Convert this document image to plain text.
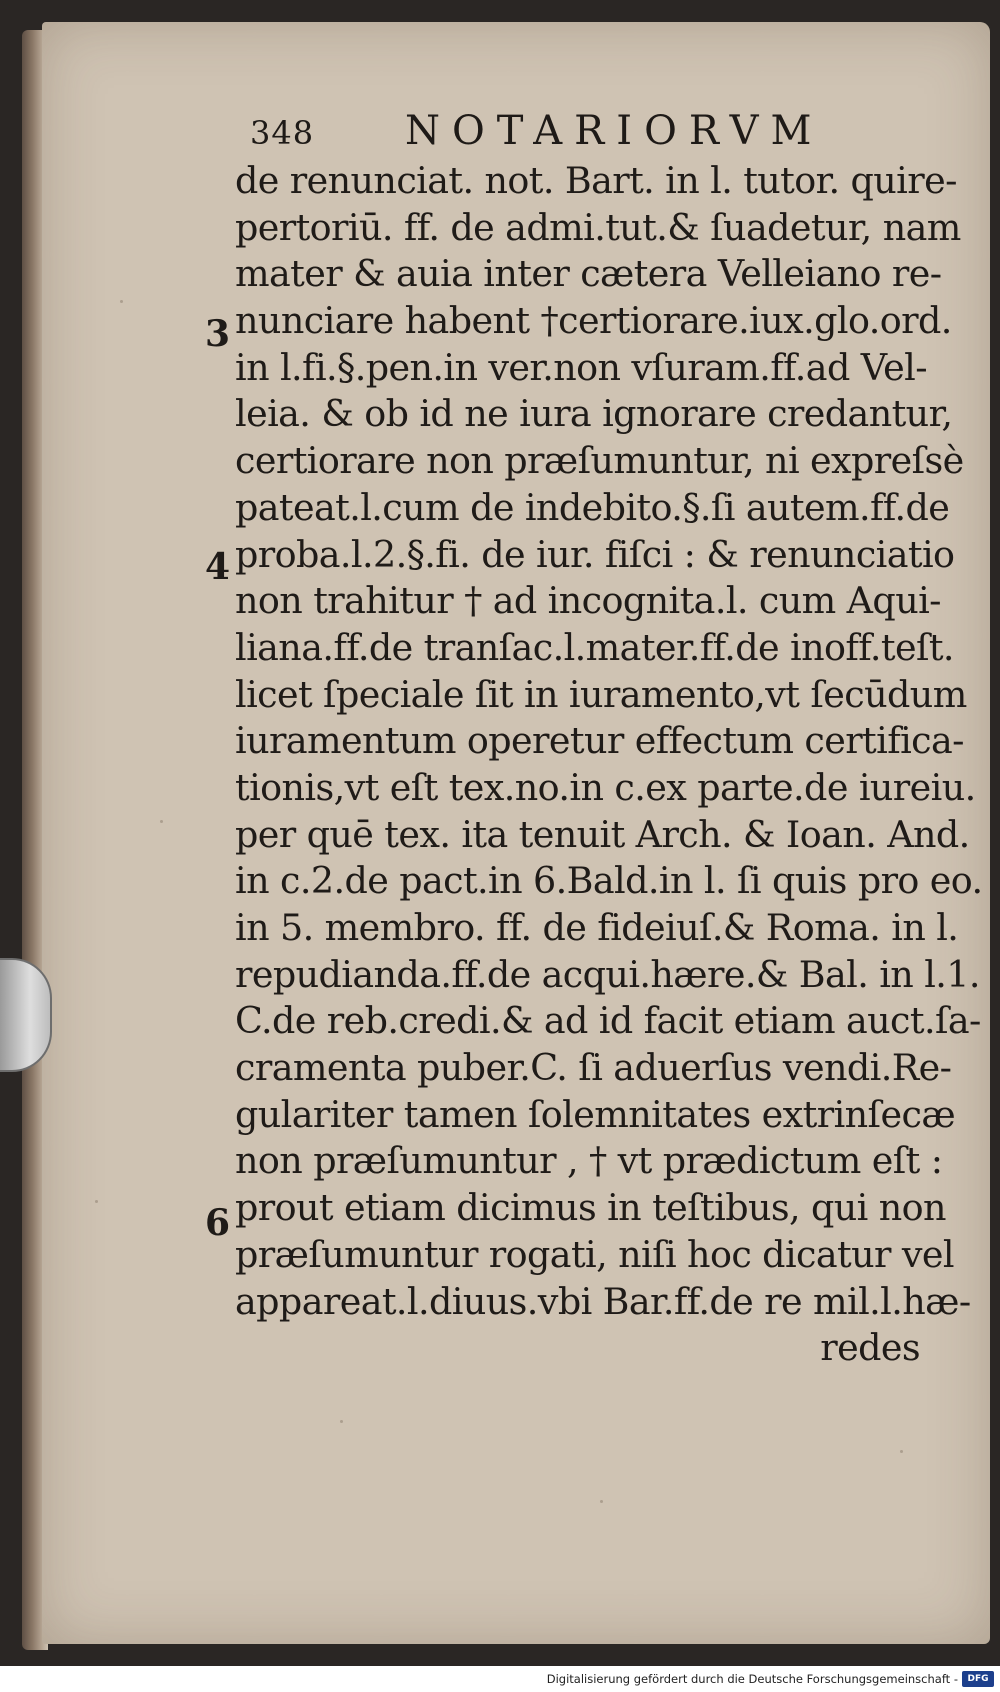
348 NOTARIORVM
3
4
6
de renunciat. not. Bart. in l. tutor. quire-
pertoriū. ff. de admi.tut.& ſuadetur, nam
mater & auia inter cætera Velleiano re-
nunciare habent †certiorare.iux.glo.ord.
in l.fi.§.pen.in ver.non vſuram.ff.ad Vel-
leia. & ob id ne iura ignorare credantur,
certiorare non præſumuntur, ni expreſsè
pateat.l.cum de indebito.§.ſi autem.ff.de
proba.l.2.§.fi. de iur. fiſci : & renunciatio
non trahitur † ad incognita.l. cum Aqui-
liana.ff.de tranſac.l.mater.ff.de inoff.teſt.
licet ſpeciale ſit in iuramento,vt ſecūdum
iuramentum operetur effectum certifica-
tionis,vt eſt tex.no.in c.ex parte.de iureiu.
per quē tex. ita tenuit Arch. & Ioan. And.
in c.2.de pact.in 6.Bald.in l. ſi quis pro eo.
in 5. membro. ff. de fideiuſ.& Roma. in l.
repudianda.ff.de acqui.hære.& Bal. in l.1.
C.de reb.credi.& ad id facit etiam auct.ſa-
cramenta puber.C. ſi aduerſus vendi.Re-
gulariter tamen ſolemnitates extrinſecæ
non præſumuntur , † vt prædictum eſt :
prout etiam dicimus in teſtibus, qui non
præſumuntur rogati, niſi hoc dicatur vel
appareat.l.diuus.vbi Bar.ff.de re mil.l.hæ-
redes
Digitalisierung gefördert durch die Deutsche Forschungsgemeinschaft -	DFG
